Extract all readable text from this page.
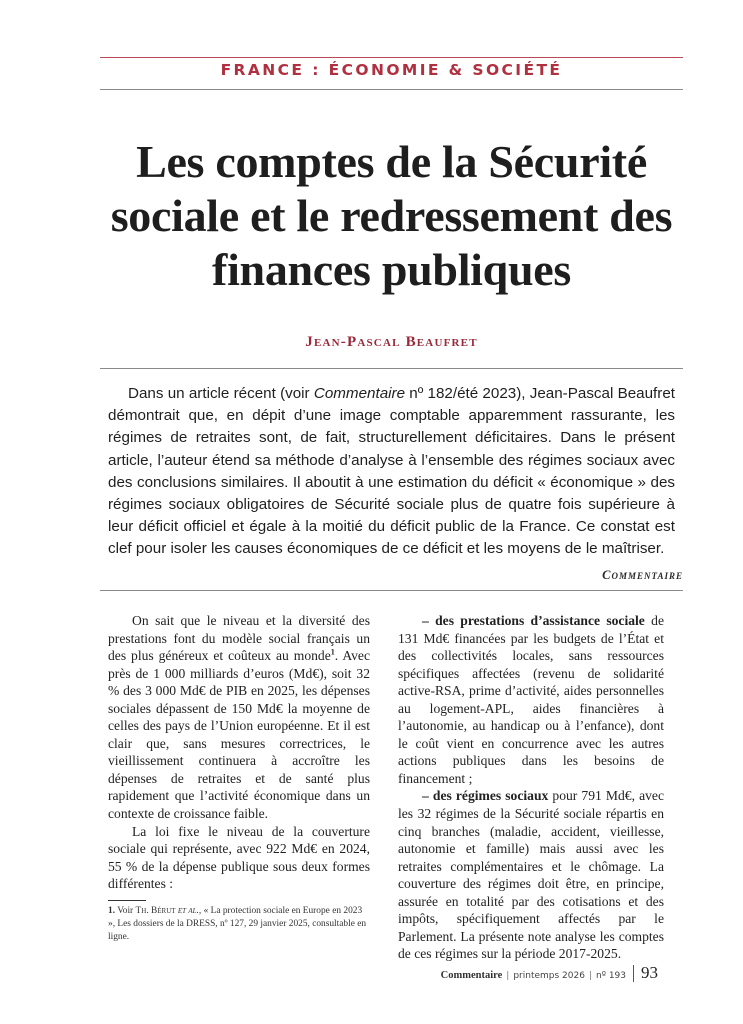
FRANCE : ÉCONOMIE & SOCIÉTÉ
Les comptes de la Sécurité sociale et le redressement des finances publiques
Jean-Pascal Beaufret

Dans un article récent (voir Commentaire nº 182/été 2023), Jean-Pascal Beaufret démontrait que, en dépit d’une image comptable apparemment rassurante, les régimes de retraites sont, de fait, structurellement déficitaires. Dans le présent article, l’auteur étend sa méthode d’analyse à l’ensemble des régimes sociaux avec des conclusions similaires. Il aboutit à une estimation du déficit « économique » des régimes sociaux obligatoires de Sécurité sociale plus de quatre fois supérieure à leur déficit officiel et égale à la moitié du déficit public de la France. Ce constat est clef pour isoler les causes économiques de ce déficit et les moyens de le maîtriser.

Commentaire

On sait que le niveau et la diversité des prestations font du modèle social français un des plus généreux et coûteux au monde$^1$. Avec près de 1 000 milliards d’euros (Md€), soit 32 % des 3 000 Md€ de PIB en 2025, les dépenses sociales dépassent de 150 Md€ la moyenne de celles des pays de l’Union européenne. Et il est clair que, sans mesures correctrices, le vieillissement continuera à accroître les dépenses de retraites et de santé plus rapidement que l’activité économique dans un contexte de croissance faible.

La loi fixe le niveau de la couverture sociale qui représente, avec 922 Md€ en 2024, 55 % de la dépense publique sous deux formes différentes :

– des prestations d’assistance sociale de 131 Md€ financées par les budgets de l’État et des collectivités locales, sans ressources spécifiques affectées (revenu de solidarité active-RSA, prime d’activité, aides personnelles au logement-APL, aides financières à l’autonomie, au handicap ou à l’enfance), dont le coût vient en concurrence avec les autres actions publiques dans les besoins de financement ;

– des régimes sociaux pour 791 Md€, avec les 32 régimes de la Sécurité sociale répartis en cinq branches (maladie, accident, vieillesse, autonomie et famille) mais aussi avec les retraites complémentaires et le chômage. La couverture des régimes doit être, en principe, assurée en totalité par des cotisations et des impôts, spécifiquement affectés par le Parlement. La présente note analyse les comptes de ces régimes sur la période 2017-2025.

1. Voir Th. Bérut et al., « La protection sociale en Europe en 2023 », Les dossiers de la DRESS, nº 127, 29 janvier 2025, consultable en ligne.

Commentaire | printemps 2026 | nº 193 93
